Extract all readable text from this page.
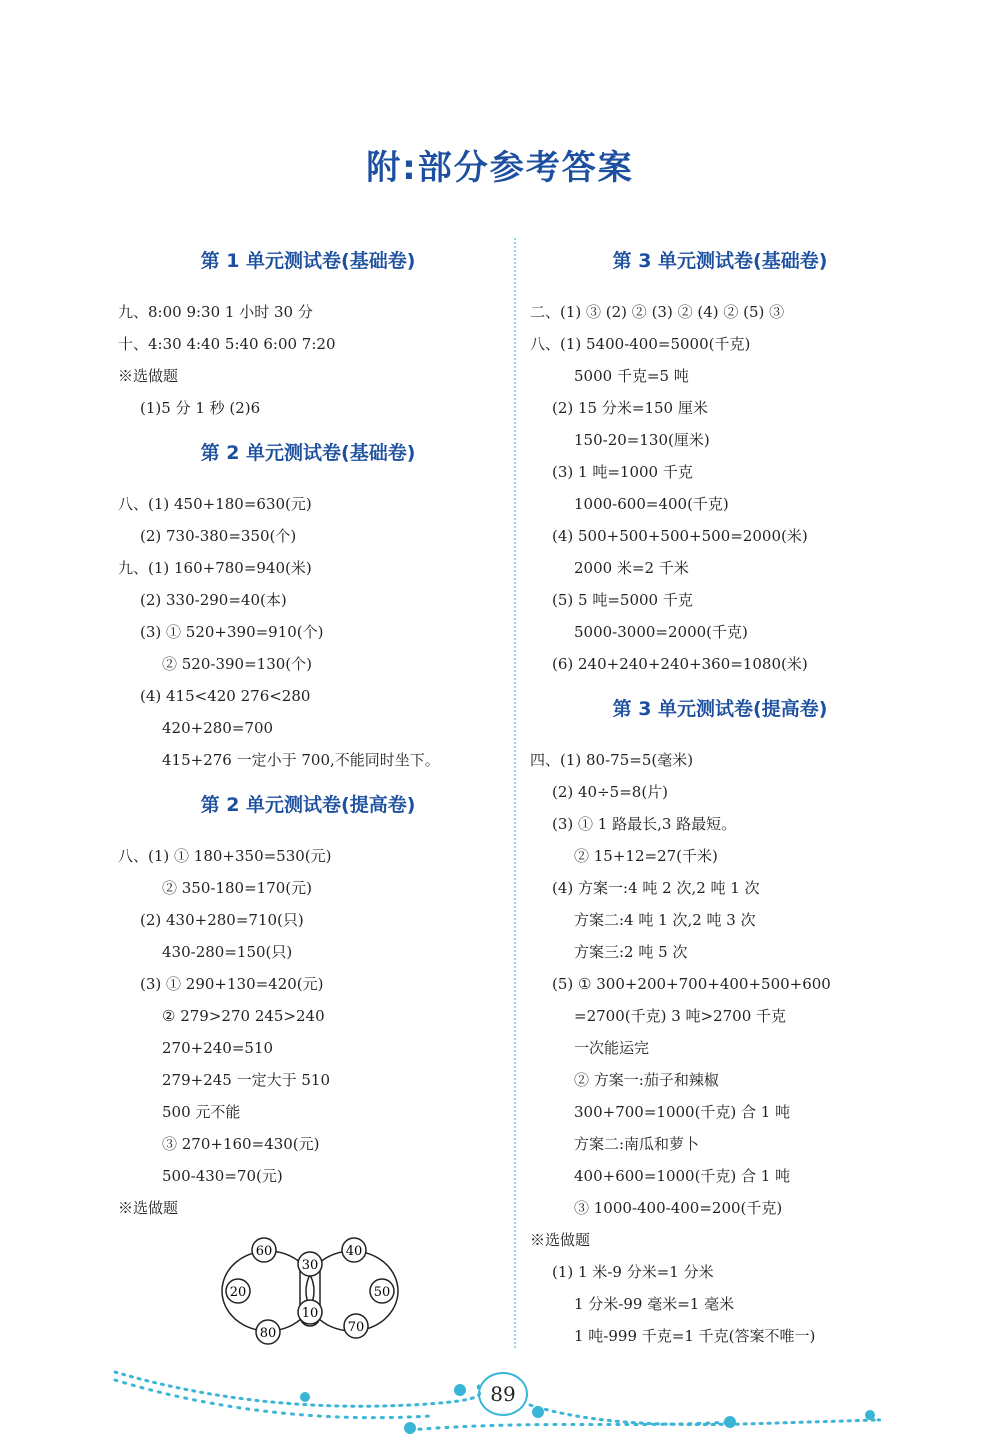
附:部分参考答案
第 1 单元测试卷(基础卷)
九、8:00 9:30 1 小时 30 分
十、4:30 4:40 5:40 6:00 7:20
※选做题
(1)5 分 1 秒 (2)6
第 2 单元测试卷(基础卷)
八、(1) 450+180=630(元)
(2) 730-380=350(个)
九、(1) 160+780=940(米)
(2) 330-290=40(本)
(3) ① 520+390=910(个)
② 520-390=130(个)
(4) 415<420 276<280
420+280=700
415+276 一定小于 700,不能同时坐下。
第 2 单元测试卷(提高卷)
八、(1) ① 180+350=530(元)
② 350-180=170(元)
(2) 430+280=710(只)
430-280=150(只)
(3) ① 290+130=420(元)
② 279>270 245>240
270+240=510
279+245 一定大于 510
500 元不能
③ 270+160=430(元)
500-430=70(元)
※选做题
第 3 单元测试卷(基础卷)
二、(1) ③ (2) ② (3) ② (4) ② (5) ③
八、(1) 5400-400=5000(千克)
5000 千克=5 吨
(2) 15 分米=150 厘米
150-20=130(厘米)
(3) 1 吨=1000 千克
1000-600=400(千克)
(4) 500+500+500+500=2000(米)
2000 米=2 千米
(5) 5 吨=5000 千克
5000-3000=2000(千克)
(6) 240+240+240+360=1080(米)
第 3 单元测试卷(提高卷)
四、(1) 80-75=5(毫米)
(2) 40÷5=8(片)
(3) ① 1 路最长,3 路最短。
② 15+12=27(千米)
(4) 方案一:4 吨 2 次,2 吨 1 次
方案二:4 吨 1 次,2 吨 3 次
方案三:2 吨 5 次
(5) ① 300+200+700+400+500+600
=2700(千克) 3 吨>2700 千克
一次能运完
② 方案一:茄子和辣椒
300+700=1000(千克) 合 1 吨
方案二:南瓜和萝卜
400+600=1000(千克) 合 1 吨
③ 1000-400-400=200(千克)
※选做题
(1) 1 米-9 分米=1 分米
1 分米-99 毫米=1 毫米
1 吨-999 千克=1 千克(答案不唯一)
60
30
40
20	50
10
80	70
89
